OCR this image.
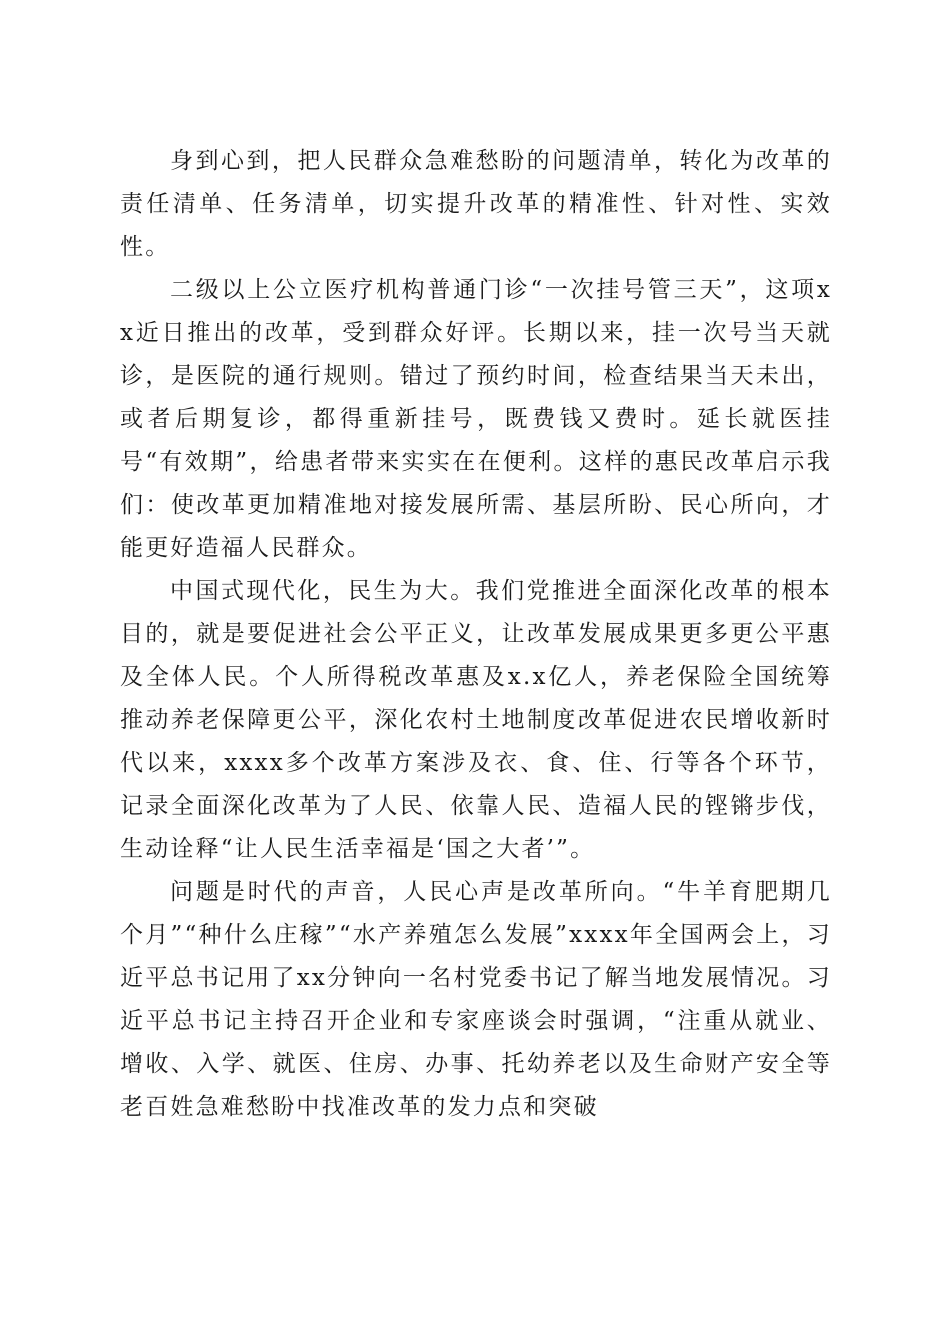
身到心到，把人民群众急难愁盼的问题清单，转化为改革的责任清单、任务清单，切实提升改革的精准性、针对性、实效性。

二级以上公立医疗机构普通门诊“一次挂号管三天”，这项xx近日推出的改革，受到群众好评。长期以来，挂一次号当天就诊，是医院的通行规则。错过了预约时间，检查结果当天未出，或者后期复诊，都得重新挂号，既费钱又费时。延长就医挂号“有效期”，给患者带来实实在在便利。这样的惠民改革启示我们：使改革更加精准地对接发展所需、基层所盼、民心所向，才能更好造福人民群众。

中国式现代化，民生为大。我们党推进全面深化改革的根本目的，就是要促进社会公平正义，让改革发展成果更多更公平惠及全体人民。个人所得税改革惠及x.x亿人，养老保险全国统筹推动养老保障更公平，深化农村土地制度改革促进农民增收新时代以来，xxxx多个改革方案涉及衣、食、住、行等各个环节，记录全面深化改革为了人民、依靠人民、造福人民的铿锵步伐，生动诠释“让人民生活幸福是‘国之大者’”。

问题是时代的声音，人民心声是改革所向。“牛羊育肥期几个月”“种什么庄稼”“水产养殖怎么发展”xxxx年全国两会上，习近平总书记用了xx分钟向一名村党委书记了解当地发展情况。习近平总书记主持召开企业和专家座谈会时强调，“注重从就业、增收、入学、就医、住房、办事、托幼养老以及生命财产安全等老百姓急难愁盼中找准改革的发力点和突破
